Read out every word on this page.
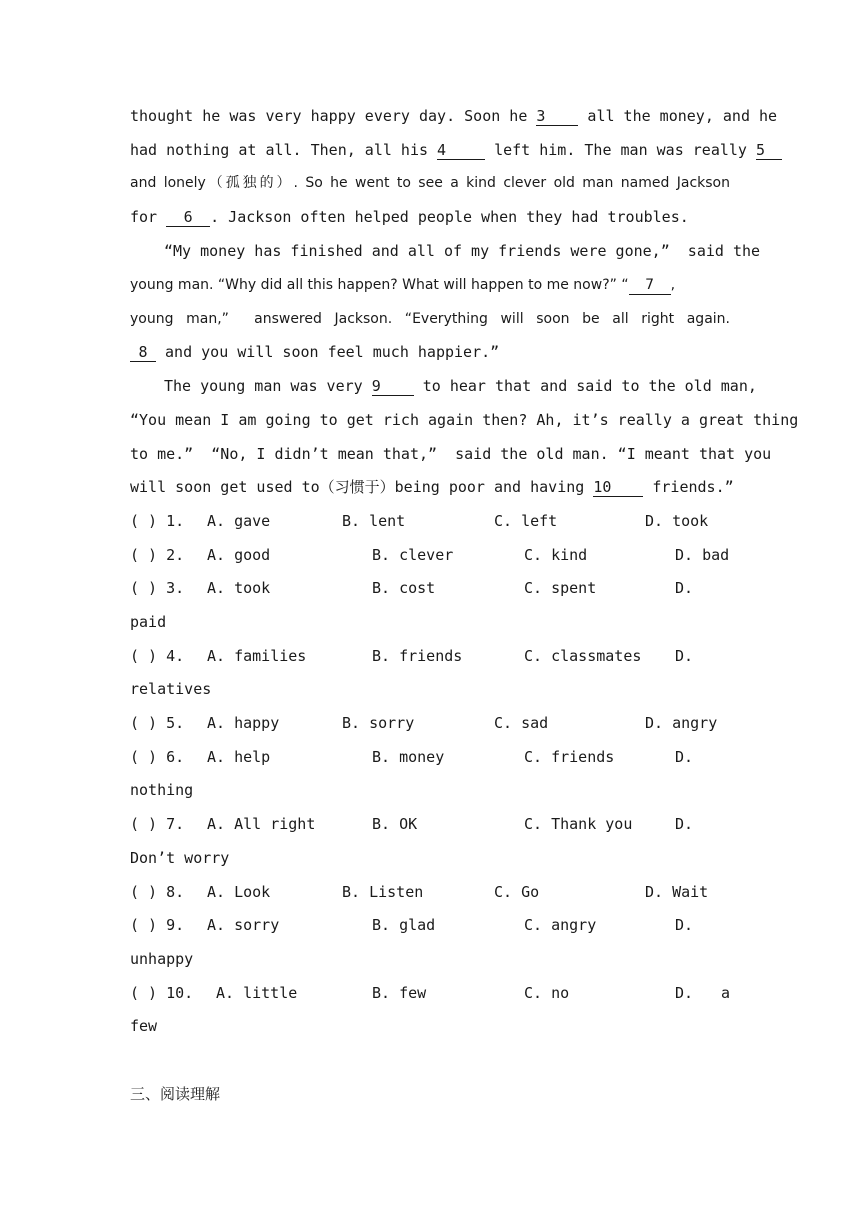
thought he was very happy every day. Soon he 3	all the money, and he
had nothing at all. Then, all his 4	left him. The man was really 5
and lonely（孤独的）. So he went to see a kind clever old man named Jackson
for 6 . Jackson often helped people when they had troubles.
“My money has finished and all of my friends were gone,”  said the
young man. “Why did all this happen? What will happen to me now?” “ 7 ,
young man,”  answered Jackson. “Everything will soon be all right again.
8 and you will soon feel much happier.”
The young man was very 9	to hear that and said to the old man,
“You mean I am going to get rich again then? Ah, it’s really a great thing
to me.”  “No, I didn’t mean that,”  said the old man. “I meant that you
will soon get used to（习惯于）being poor and having 10	friends.”
( ) 1. A. gave	B. lent	C. left	D. took
( ) 2. A. good	B. clever	C. kind	D. bad
( ) 3. A. took	B. cost	C. spent	D.
paid
( ) 4. A. families	B. friends	C. classmates D.
relatives
( ) 5. A. happy	B. sorry	C. sad	D. angry
( ) 6. A. help	B. money	C. friends	D.
nothing
( ) 7. A. All right	B. OK	C. Thank you	D.
Don’t worry
( ) 8. A. Look	B. Listen	C. Go	D. Wait
( ) 9. A. sorry	B. glad	C. angry	D.
unhappy
( ) 10. A. little	B. few	C. no	D. a
few
三、阅读理解
